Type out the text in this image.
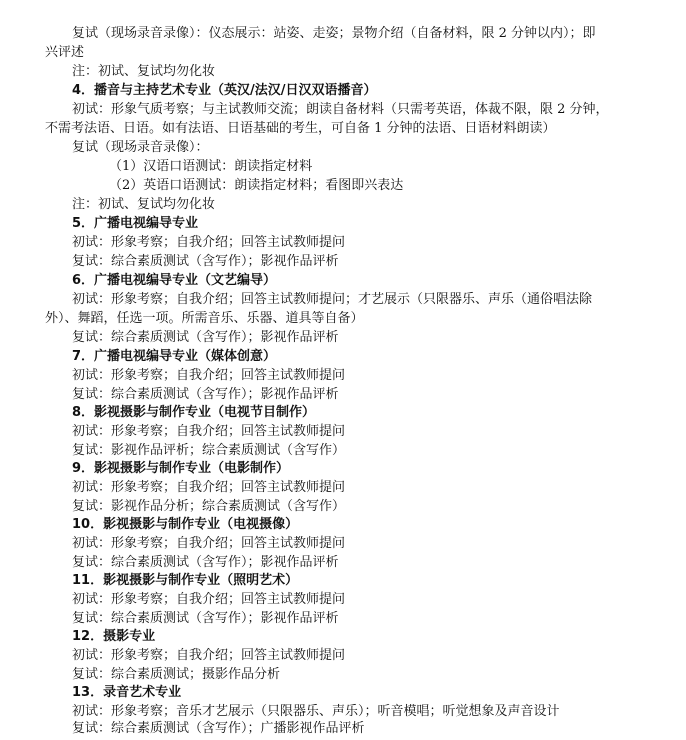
复试（现场录音录像）：仪态展示：站姿、走姿；景物介绍（自备材料，限 2 分钟以内）；即
兴评述
注：初试、复试均勿化妆
4．播音与主持艺术专业（英汉/法汉/日汉双语播音）
初试：形象气质考察；与主试教师交流；朗读自备材料（只需考英语，体裁不限，限 2 分钟，
不需考法语、日语。如有法语、日语基础的考生，可自备 1 分钟的法语、日语材料朗读）
复试（现场录音录像）：
（1）汉语口语测试：朗读指定材料
（2）英语口语测试：朗读指定材料；看图即兴表达
注：初试、复试均勿化妆
5．广播电视编导专业
初试：形象考察；自我介绍；回答主试教师提问
复试：综合素质测试（含写作）；影视作品评析
6．广播电视编导专业（文艺编导）
初试：形象考察；自我介绍；回答主试教师提问；才艺展示（只限器乐、声乐（通俗唱法除
外）、舞蹈，任选一项。所需音乐、乐器、道具等自备）
复试：综合素质测试（含写作）；影视作品评析
7．广播电视编导专业（媒体创意）
初试：形象考察；自我介绍；回答主试教师提问
复试：综合素质测试（含写作）；影视作品评析
8．影视摄影与制作专业（电视节目制作）
初试：形象考察；自我介绍；回答主试教师提问
复试：影视作品评析；综合素质测试（含写作）
9．影视摄影与制作专业（电影制作）
初试：形象考察；自我介绍；回答主试教师提问
复试：影视作品分析；综合素质测试（含写作）
10．影视摄影与制作专业（电视摄像）
初试：形象考察；自我介绍；回答主试教师提问
复试：综合素质测试（含写作）；影视作品评析
11．影视摄影与制作专业（照明艺术）
初试：形象考察；自我介绍；回答主试教师提问
复试：综合素质测试（含写作）；影视作品评析
12．摄影专业
初试：形象考察；自我介绍；回答主试教师提问
复试：综合素质测试；摄影作品分析
13．录音艺术专业
初试：形象考察；音乐才艺展示（只限器乐、声乐）；听音模唱；听觉想象及声音设计
复试：综合素质测试（含写作）；广播影视作品评析
